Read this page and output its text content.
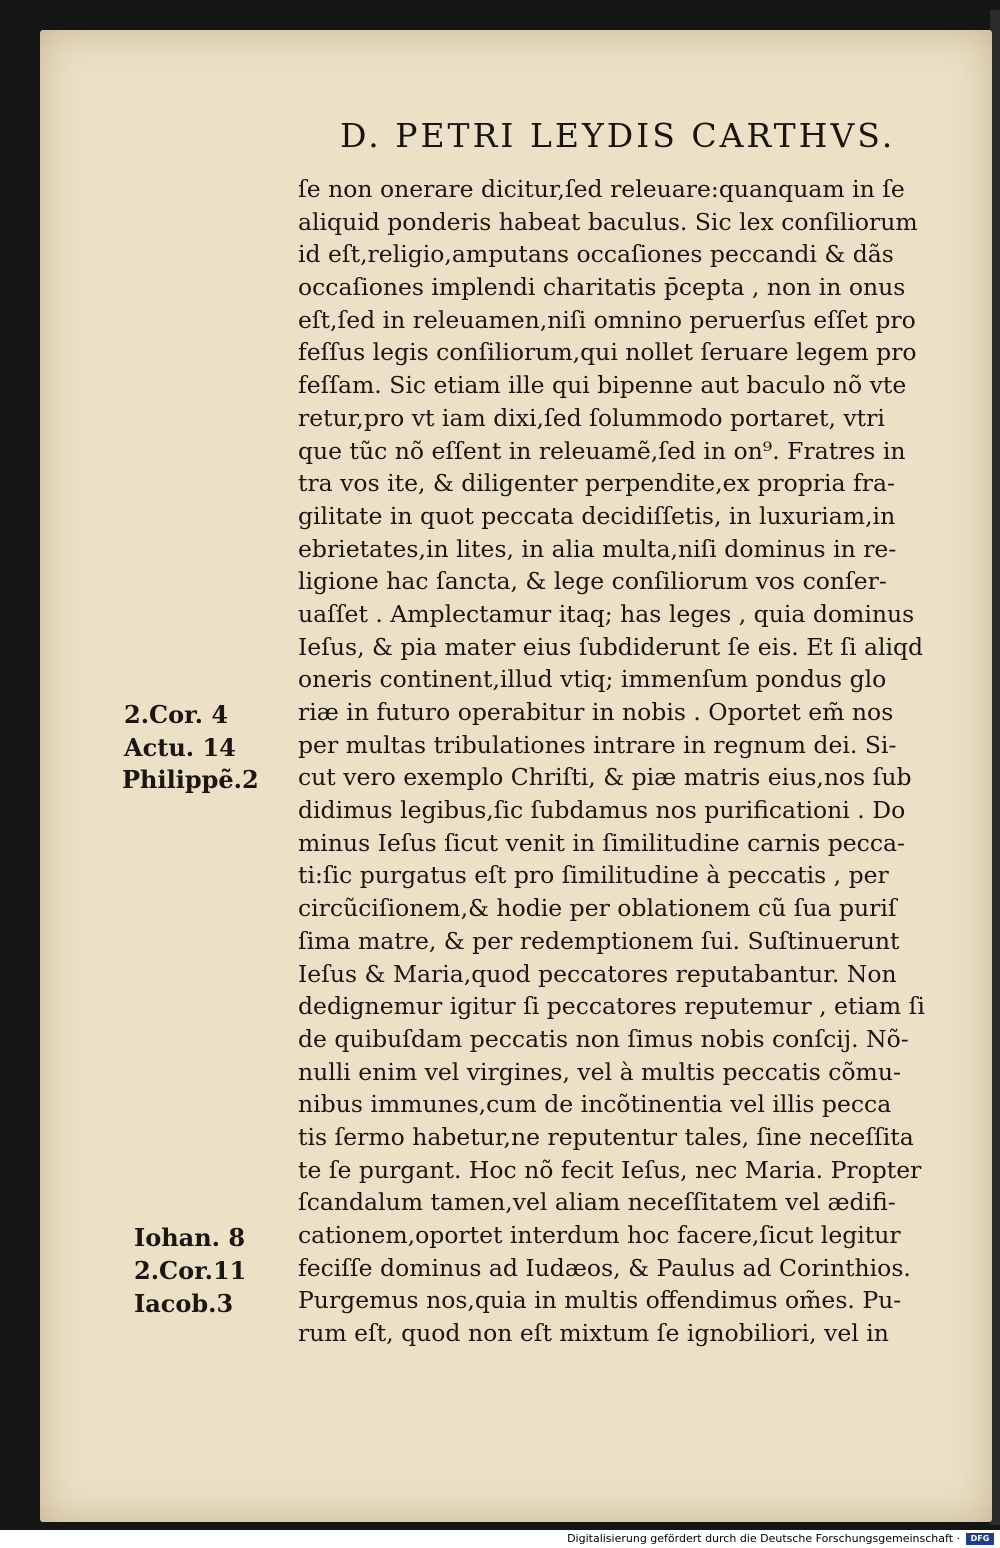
D. PETRI LEYDIS CARTHVS.
2.Cor. 4
Actu. 14
Philippẽ.2
Iohan. 8
2.Cor.11
Iacob.3
ſe non onerare dicitur,ſed releuare:quanquam in ſe
aliquid ponderis habeat baculus. Sic lex conſiliorum
id eſt,religio,amputans occaſiones peccandi & dãs
occaſiones implendi charitatis p̄cepta , non in onus
eſt,ſed in releuamen,niſi omnino peruerſus eſſet pro
feſſus legis conſiliorum,qui nollet ſeruare legem pro
feſſam. Sic etiam ille qui bipenne aut baculo nõ vte
retur,pro vt iam dixi,ſed ſolummodo portaret, vtri
que tũc nõ eſſent in releuamẽ,ſed in on⁹. Fratres in
tra vos ite, & diligenter perpendite,ex propria fra-
gilitate in quot peccata decidiſſetis, in luxuriam,in
ebrietates,in lites, in alia multa,niſi dominus in re-
ligione hac ſancta, & lege conſiliorum vos conſer-
uaſſet . Amplectamur itaq; has leges , quia dominus
Ieſus, & pia mater eius ſubdiderunt ſe eis. Et ſi aliqd
oneris continent,illud vtiq; immenſum pondus glo
riæ in futuro operabitur in nobis . Oportet em̃ nos
per multas tribulationes intrare in regnum dei. Si-
cut vero exemplo Chriſti, & piæ matris eius,nos ſub
didimus legibus,ſic ſubdamus nos purificationi . Do
minus Ieſus ſicut venit in ſimilitudine carnis pecca-
ti:ſic purgatus eſt pro ſimilitudine à peccatis , per
circũciſionem,& hodie per oblationem cũ ſua puriſ
ſima matre, & per redemptionem ſui. Suſtinuerunt
Ieſus & Maria,quod peccatores reputabantur. Non
dedignemur igitur ſi peccatores reputemur , etiam ſi
de quibuſdam peccatis non ſimus nobis conſcij. Nõ-
nulli enim vel virgines, vel à multis peccatis cõmu-
nibus immunes,cum de incõtinentia vel illis pecca
tis ſermo habetur,ne reputentur tales, ſine neceſſita
te ſe purgant. Hoc nõ fecit Ieſus, nec Maria. Propter
ſcandalum tamen,vel aliam neceſſitatem vel ædifi-
cationem,oportet interdum hoc facere,ſicut legitur
feciſſe dominus ad Iudæos, & Paulus ad Corinthios.
Purgemus nos,quia in multis offendimus om̃es. Pu-
rum eſt, quod non eſt mixtum ſe ignobiliori, vel in
Digitalisierung gefördert durch die Deutsche Forschungsgemeinschaft ·	DFG
